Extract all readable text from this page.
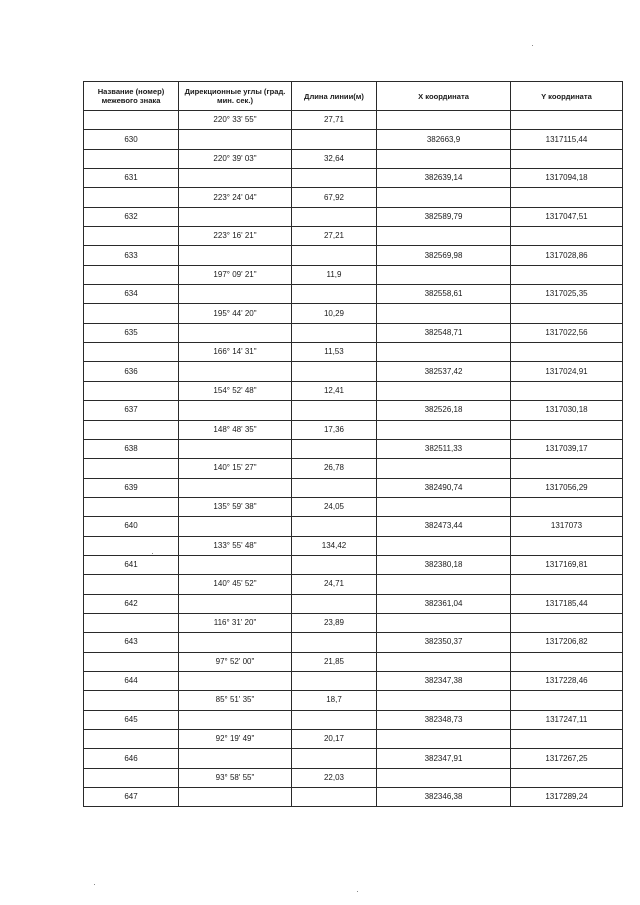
Название (номер) межевого знака	Дирекционные углы (град. мин. сек.)	Длина линии(м)	X координата	Y координата
	220° 33' 55"	27,71		
630			382663,9	1317115,44
	220° 39' 03"	32,64		
631			382639,14	1317094,18
	223° 24' 04"	67,92		
632			382589,79	1317047,51
	223° 16' 21"	27,21		
633			382569,98	1317028,86
	197° 09' 21"	11,9		
634			382558,61	1317025,35
	195° 44' 20"	10,29		
635			382548,71	1317022,56
	166° 14' 31"	11,53		
636			382537,42	1317024,91
	154° 52' 48"	12,41		
637			382526,18	1317030,18
	148° 48' 35"	17,36		
638			382511,33	1317039,17
	140° 15' 27"	26,78		
639			382490,74	1317056,29
	135° 59' 38"	24,05		
640			382473,44	1317073
	133° 55' 48"	134,42		
641			382380,18	1317169,81
	140° 45' 52"	24,71		
642			382361,04	1317185,44
	116° 31' 20"	23,89		
643			382350,37	1317206,82
	97° 52' 00"	21,85		
644			382347,38	1317228,46
	85° 51' 35"	18,7		
645			382348,73	1317247,11
	92° 19' 49"	20,17		
646			382347,91	1317267,25
	93° 58' 55"	22,03		
647			382346,38	1317289,24
